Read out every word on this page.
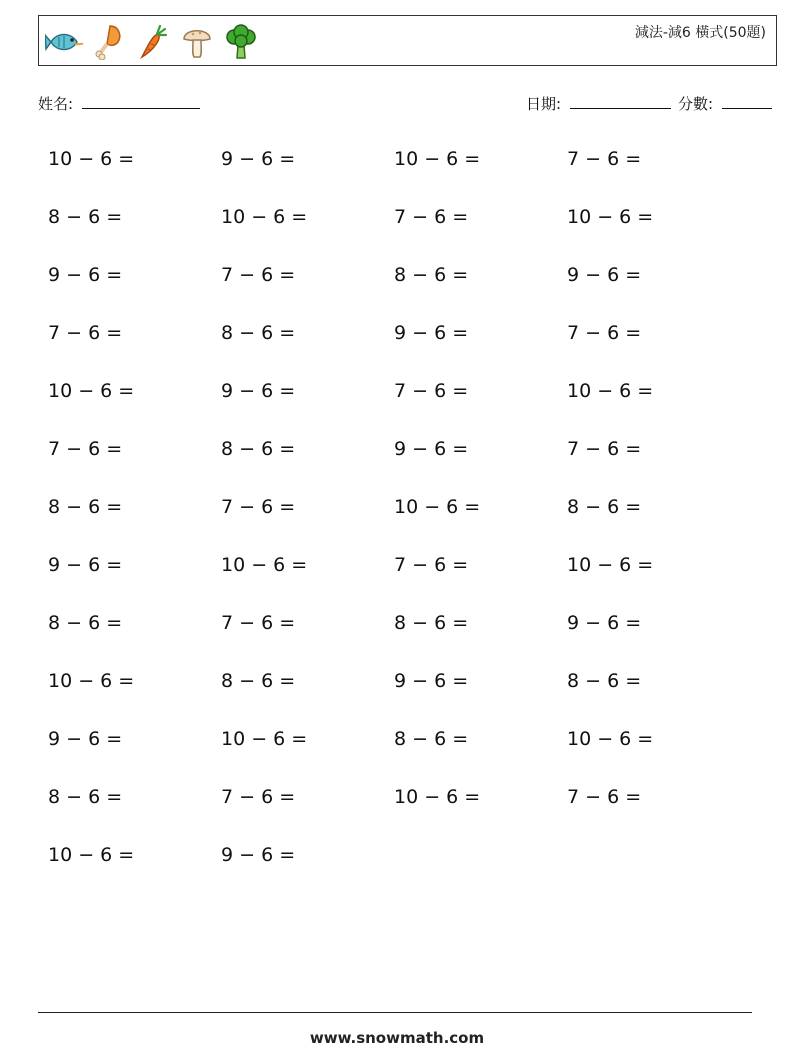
減法-減6 橫式(50題)
姓名:	日期:	分數:
10 − 6 =	9 − 6 =	10 − 6 =	7 − 6 =
8 − 6 =	10 − 6 =	7 − 6 =	10 − 6 =
9 − 6 =	7 − 6 =	8 − 6 =	9 − 6 =
7 − 6 =	8 − 6 =	9 − 6 =	7 − 6 =
10 − 6 =	9 − 6 =	7 − 6 =	10 − 6 =
7 − 6 =	8 − 6 =	9 − 6 =	7 − 6 =
8 − 6 =	7 − 6 =	10 − 6 =	8 − 6 =
9 − 6 =	10 − 6 =	7 − 6 =	10 − 6 =
8 − 6 =	7 − 6 =	8 − 6 =	9 − 6 =
10 − 6 =	8 − 6 =	9 − 6 =	8 − 6 =
9 − 6 =	10 − 6 =	8 − 6 =	10 − 6 =
8 − 6 =	7 − 6 =	10 − 6 =	7 − 6 =
10 − 6 =	9 − 6 =
www.snowmath.com
